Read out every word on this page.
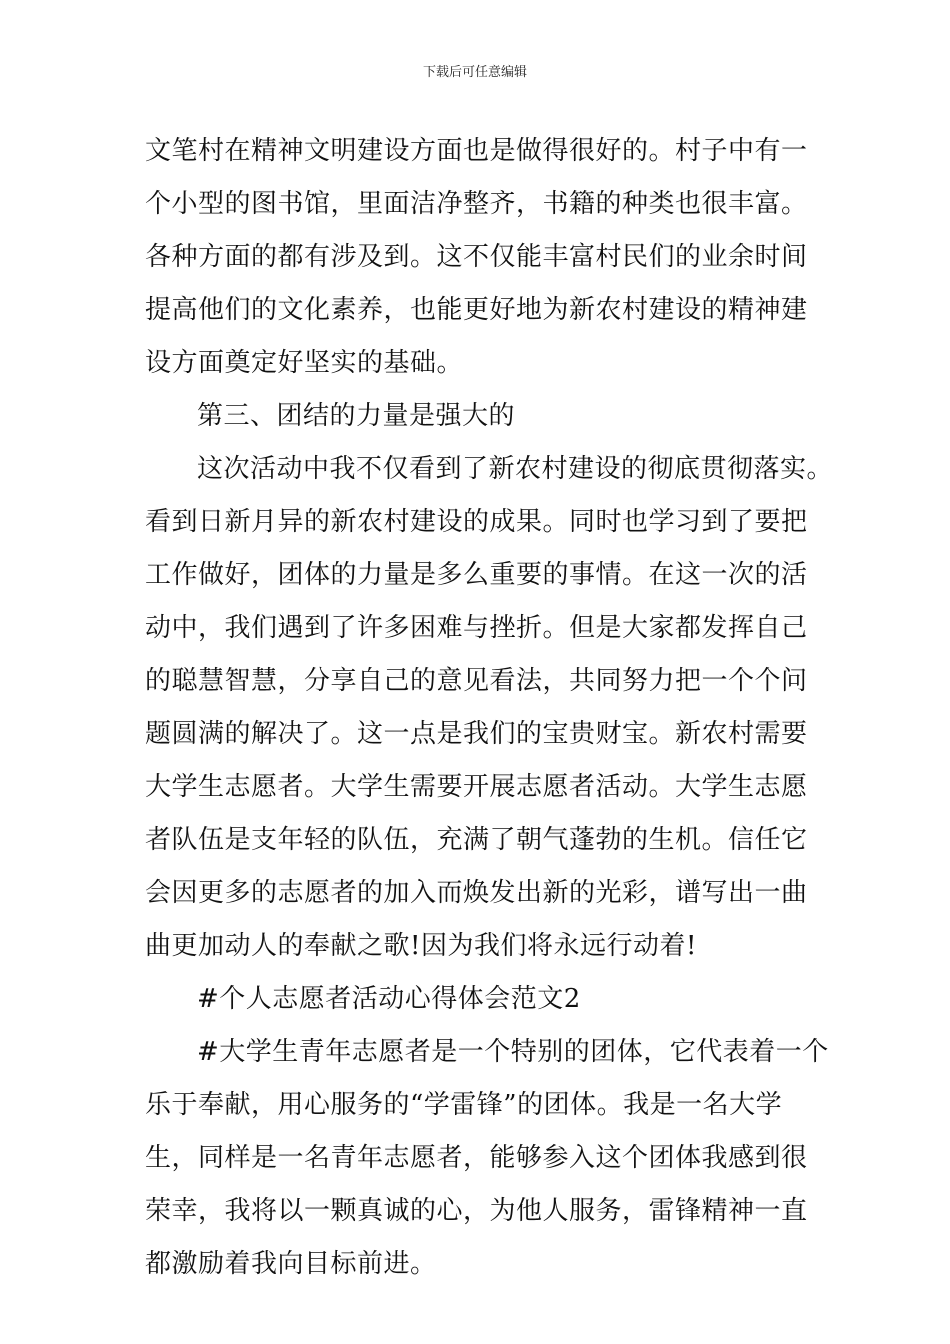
下载后可任意编辑
文笔村在精神文明建设方面也是做得很好的。村子中有一
个小型的图书馆，里面洁净整齐，书籍的种类也很丰富。
各种方面的都有涉及到。这不仅能丰富村民们的业余时间
提高他们的文化素养，也能更好地为新农村建设的精神建
设方面奠定好坚实的基础。
第三、团结的力量是强大的
这次活动中我不仅看到了新农村建设的彻底贯彻落实。
看到日新月异的新农村建设的成果。同时也学习到了要把
工作做好，团体的力量是多么重要的事情。在这一次的活
动中，我们遇到了许多困难与挫折。但是大家都发挥自己
的聪慧智慧，分享自己的意见看法，共同努力把一个个问
题圆满的解决了。这一点是我们的宝贵财宝。新农村需要
大学生志愿者。大学生需要开展志愿者活动。大学生志愿
者队伍是支年轻的队伍，充满了朝气蓬勃的生机。信任它
会因更多的志愿者的加入而焕发出新的光彩，谱写出一曲
曲更加动人的奉献之歌!因为我们将永远行动着!
#个人志愿者活动心得体会范文2
#大学生青年志愿者是一个特别的团体，它代表着一个
乐于奉献，用心服务的“学雷锋”的团体。我是一名大学
生，同样是一名青年志愿者，能够参入这个团体我感到很
荣幸，我将以一颗真诚的心，为他人服务，雷锋精神一直
都激励着我向目标前进。
